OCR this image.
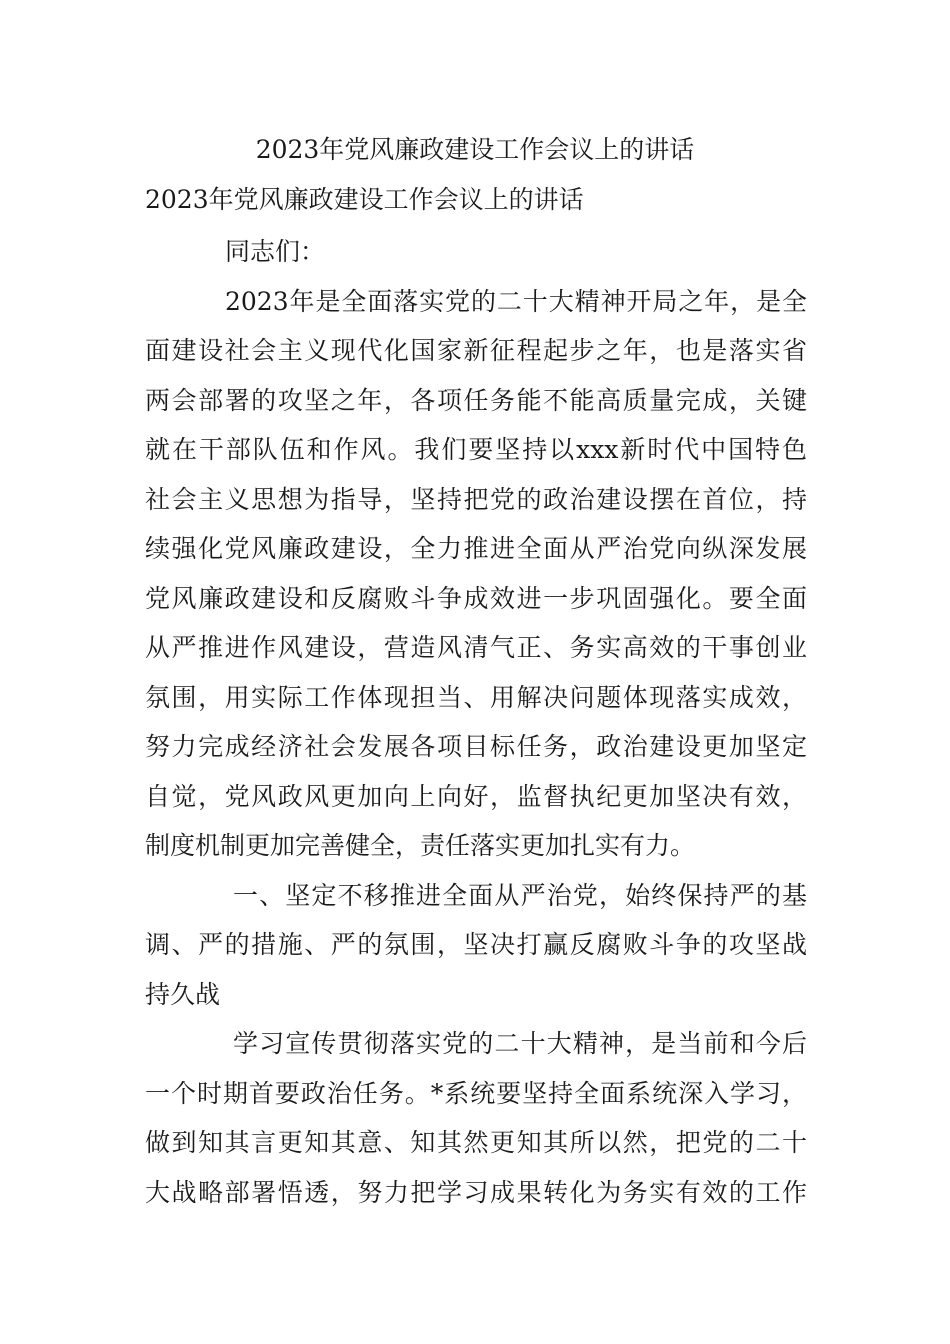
2023年党风廉政建设工作会议上的讲话
2023年党风廉政建设工作会议上的讲话
同志们：
2023年是全面落实党的二十大精神开局之年，是全
面建设社会主义现代化国家新征程起步之年，也是落实省
两会部署的攻坚之年，各项任务能不能高质量完成，关键
就在干部队伍和作风。我们要坚持以xxx新时代中国特色
社会主义思想为指导，坚持把党的政治建设摆在首位，持
续强化党风廉政建设，全力推进全面从严治党向纵深发展
党风廉政建设和反腐败斗争成效进一步巩固强化。要全面
从严推进作风建设，营造风清气正、务实高效的干事创业
氛围，用实际工作体现担当、用解决问题体现落实成效，
努力完成经济社会发展各项目标任务，政治建设更加坚定
自觉，党风政风更加向上向好，监督执纪更加坚决有效，
制度机制更加完善健全，责任落实更加扎实有力。
一、坚定不移推进全面从严治党，始终保持严的基
调、严的措施、严的氛围，坚决打赢反腐败斗争的攻坚战
持久战
学习宣传贯彻落实党的二十大精神，是当前和今后
一个时期首要政治任务。*系统要坚持全面系统深入学习，
做到知其言更知其意、知其然更知其所以然，把党的二十
大战略部署悟透，努力把学习成果转化为务实有效的工作
